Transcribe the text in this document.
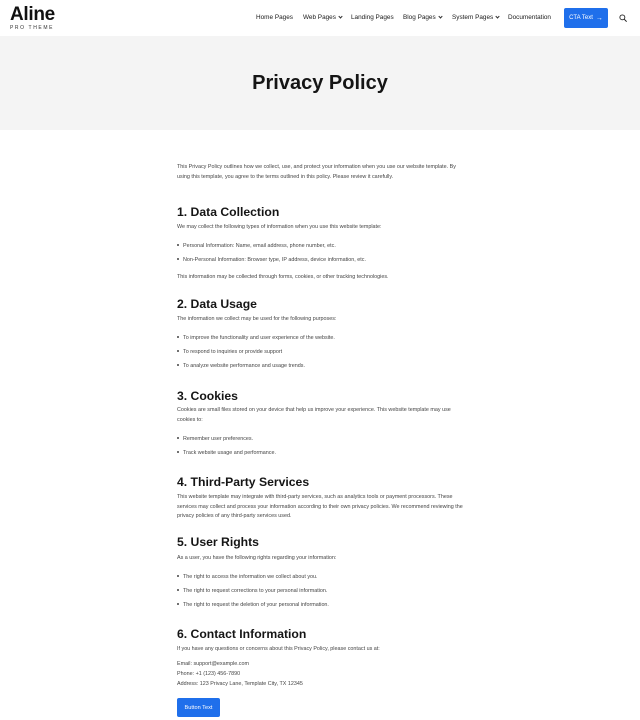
Aline
PRO THEME
Home Pages Web Pages	Landing Pages Blog Pages	System Pages	Documentation	CTA Text →
Privacy Policy

This Privacy Policy outlines how we collect, use, and protect your information when you use our website template. By using this template, you agree to the terms outlined in this policy. Please review it carefully.

1. Data Collection
We may collect the following types of information when you use this website template:
Personal Information: Name, email address, phone number, etc.
Non-Personal Information: Browser type, IP address, device information, etc.
This information may be collected through forms, cookies, or other tracking technologies.
2. Data Usage
The information we collect may be used for the following purposes:
To improve the functionality and user experience of the website.
To respond to inquiries or provide support
To analyze website performance and usage trends.
3. Cookies
Cookies are small files stored on your device that help us improve your experience. This website template may use cookies to:
Remember user preferences.
Track website usage and performance.
4. Third-Party Services
This website template may integrate with third-party services, such as analytics tools or payment processors. These services may collect and process your information according to their own privacy policies. We recommend reviewing the privacy policies of any third-party services used.
5. User Rights
As a user, you have the following rights regarding your information:
The right to access the information we collect about you.
The right to request corrections to your personal information.
The right to request the deletion of your personal information.
6. Contact Information
If you have any questions or concerns about this Privacy Policy, please contact us at:
Email: support@example.com
Phone: +1 (123) 456-7890
Address: 123 Privacy Lane, Template City, TX 12345
Button Text
